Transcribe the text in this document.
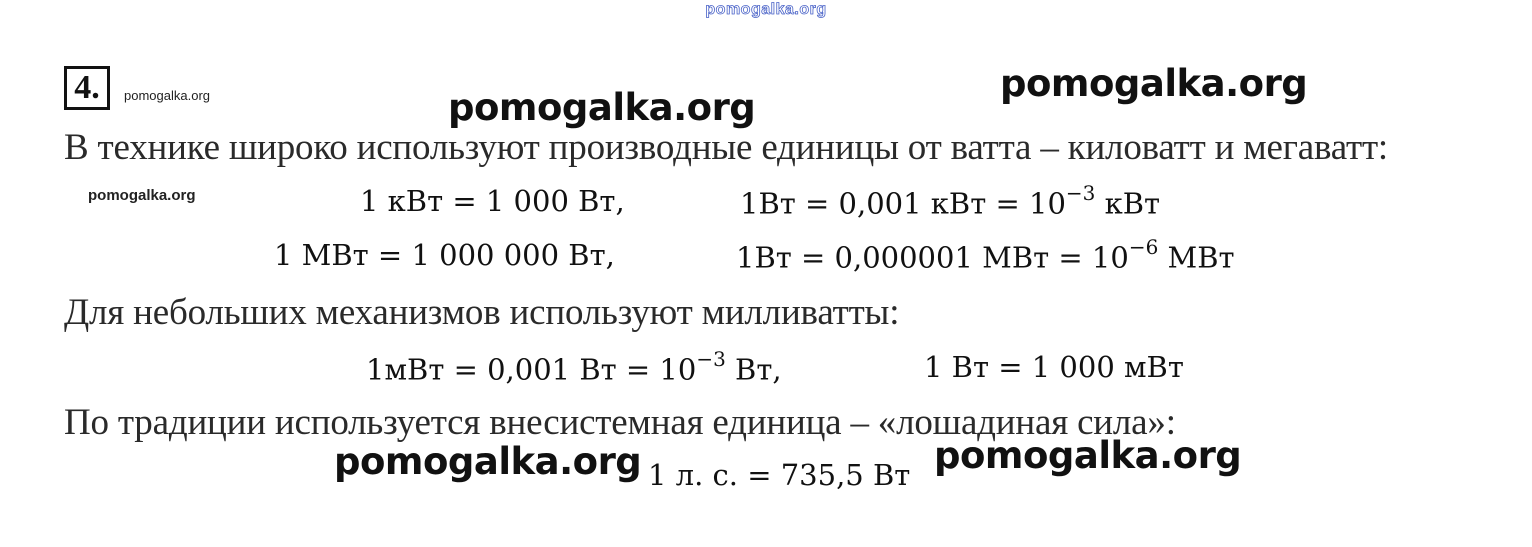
pomogalka.org
4. pomogalka.org	pomogalka.org
pomogalka.org
В технике широко используют производные единицы от ватта – киловатт и мегаватт:
pomogalka.org	1 кВт = 1 000 Вт,	1Вт = 0,001 кВт = $10^{-3}$ кВт
1 МВт = 1 000 000 Вт,	1Вт = 0,000001 МВт = $10^{-6}$ МВт
Для небольших механизмов используют милливатты:
1мВт = 0,001 Вт = $10^{-3}$ Вт,	1 Вт = 1 000 мВт
По традиции используется внесистемная единица – «лошадиная сила»:
1 л. с. = 735,5 Вт
pomogalka.org	pomogalka.org
